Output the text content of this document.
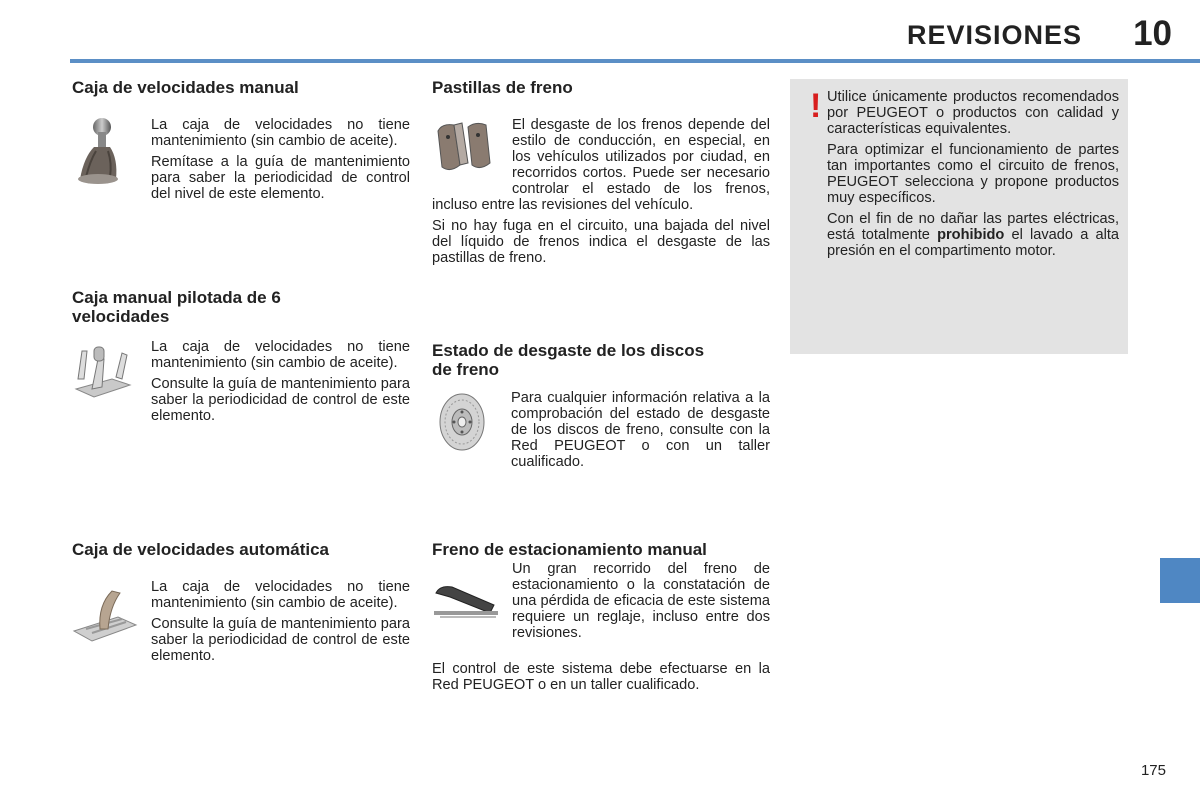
REVISIONES 10
175
Caja de velocidades manual

La caja de velocidades no tiene mantenimiento (sin cambio de aceite).

Remítase a la guía de mantenimiento para saber la periodicidad de control del nivel de este elemento.

Caja manual pilotada de 6 velocidades

La caja de velocidades no tiene mantenimiento (sin cambio de aceite).

Consulte la guía de mantenimiento para saber la periodicidad de control de este elemento.

Caja de velocidades automática

La caja de velocidades no tiene mantenimiento (sin cambio de aceite).

Consulte la guía de mantenimiento para saber la periodicidad de control de este elemento.

Pastillas de freno

El desgaste de los frenos depende del estilo de conducción, en especial, en los vehículos utilizados por ciudad, en recorridos cortos. Puede ser necesario controlar el estado de los frenos, incluso entre las revisiones del vehículo.

Si no hay fuga en el circuito, una bajada del nivel del líquido de frenos indica el desgaste de las pastillas de freno.

Estado de desgaste de los discos de freno

Para cualquier información relativa a la comprobación del estado de desgaste de los discos de freno, consulte con la Red PEUGEOT o con un taller cualificado.

Freno de estacionamiento manual

Un gran recorrido del freno de estacionamiento o la constatación de una pérdida de eficacia de este sistema requiere un reglaje, incluso entre dos revisiones.

El control de este sistema debe efectuarse en la Red PEUGEOT o en un taller cualificado.

! Utilice únicamente productos recomendados por PEUGEOT o productos con calidad y características equivalentes.

Para optimizar el funcionamiento de partes tan importantes como el circuito de frenos, PEUGEOT selecciona y propone productos muy específicos.

Con el fin de no dañar las partes eléctricas, está totalmente prohibido el lavado a alta presión en el compartimento motor.
